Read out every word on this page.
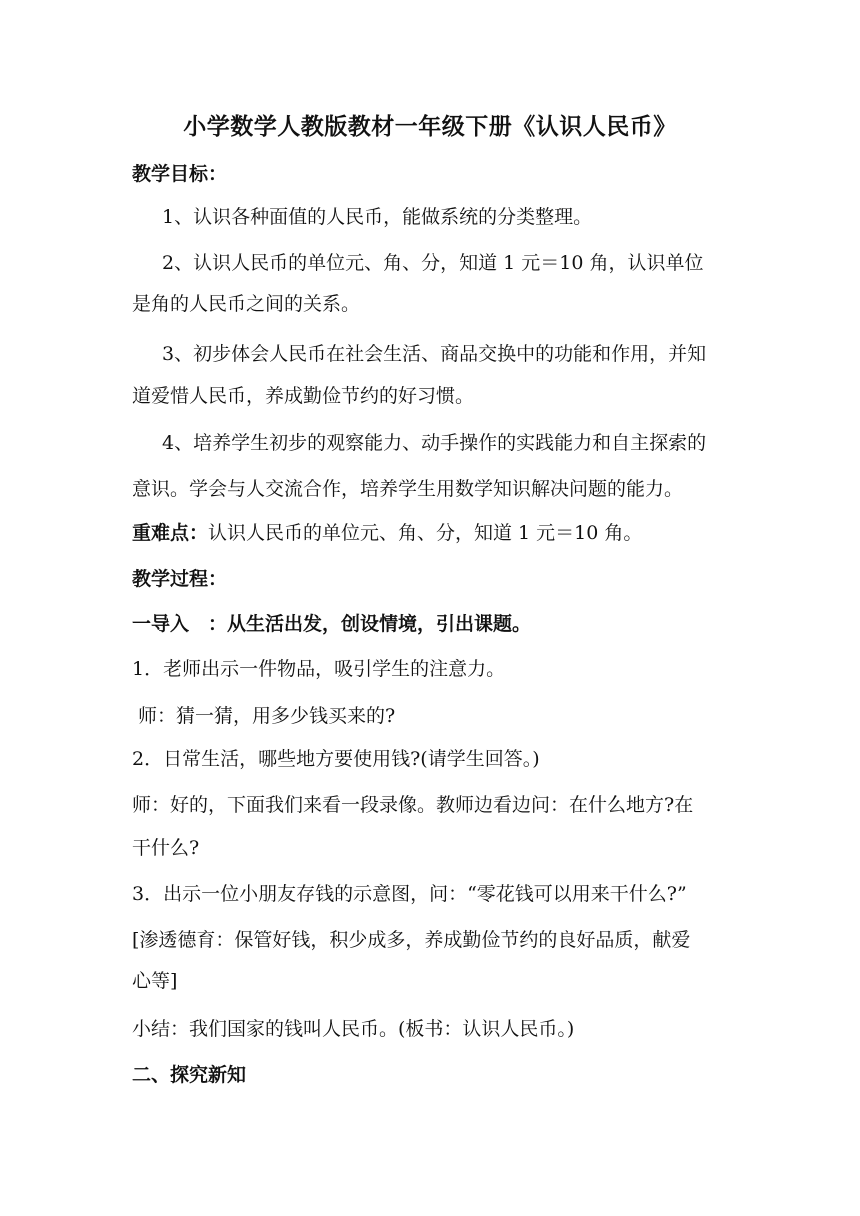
小学数学人教版教材一年级下册《认识人民币》
教学目标：
1、认识各种面值的人民币，能做系统的分类整理。
2、认识人民币的单位元、角、分，知道 1 元＝10 角，认识单位
是角的人民币之间的关系。
3、初步体会人民币在社会生活、商品交换中的功能和作用，并知
道爱惜人民币，养成勤俭节约的好习惯。
4、培养学生初步的观察能力、动手操作的实践能力和自主探索的
意识。学会与人交流合作，培养学生用数学知识解决问题的能力。
重难点：认识人民币的单位元、角、分，知道 1 元＝10 角。
教学过程：
一导入　：从生活出发，创设情境，引出课题。
1．老师出示一件物品，吸引学生的注意力。
师：猜一猜，用多少钱买来的?
2．日常生活，哪些地方要使用钱?(请学生回答。)
师：好的，下面我们来看一段录像。教师边看边问：在什么地方?在
干什么?
3．出示一位小朋友存钱的示意图，问：“零花钱可以用来干什么?”
[渗透德育：保管好钱，积少成多，养成勤俭节约的良好品质，献爱
心等]
小结：我们国家的钱叫人民币。(板书：认识人民币。)
二、探究新知
